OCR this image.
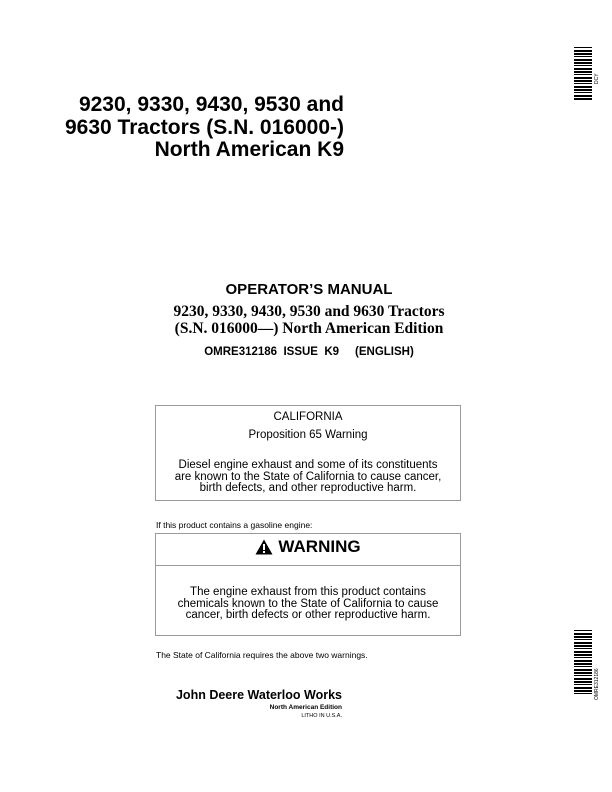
DCY
9230, 9330, 9430, 9530 and
9630 Tractors (S.N. 016000-)
North American K9
OPERATOR’S MANUAL
9230, 9330, 9430, 9530 and 9630 Tractors
(S.N. 016000—) North American Edition
OMRE312186  ISSUE  K9     (ENGLISH)
CALIFORNIA
Proposition 65 Warning
Diesel engine exhaust and some of its constituents
are known to the State of California to cause cancer,
birth defects, and other reproductive harm.
If this product contains a gasoline engine:
WARNING
The engine exhaust from this product contains
chemicals known to the State of California to cause
cancer, birth defects or other reproductive harm.
The State of California requires the above two warnings.
John Deere Waterloo Works
North American Edition
LITHO IN U.S.A.
OMRE312186
